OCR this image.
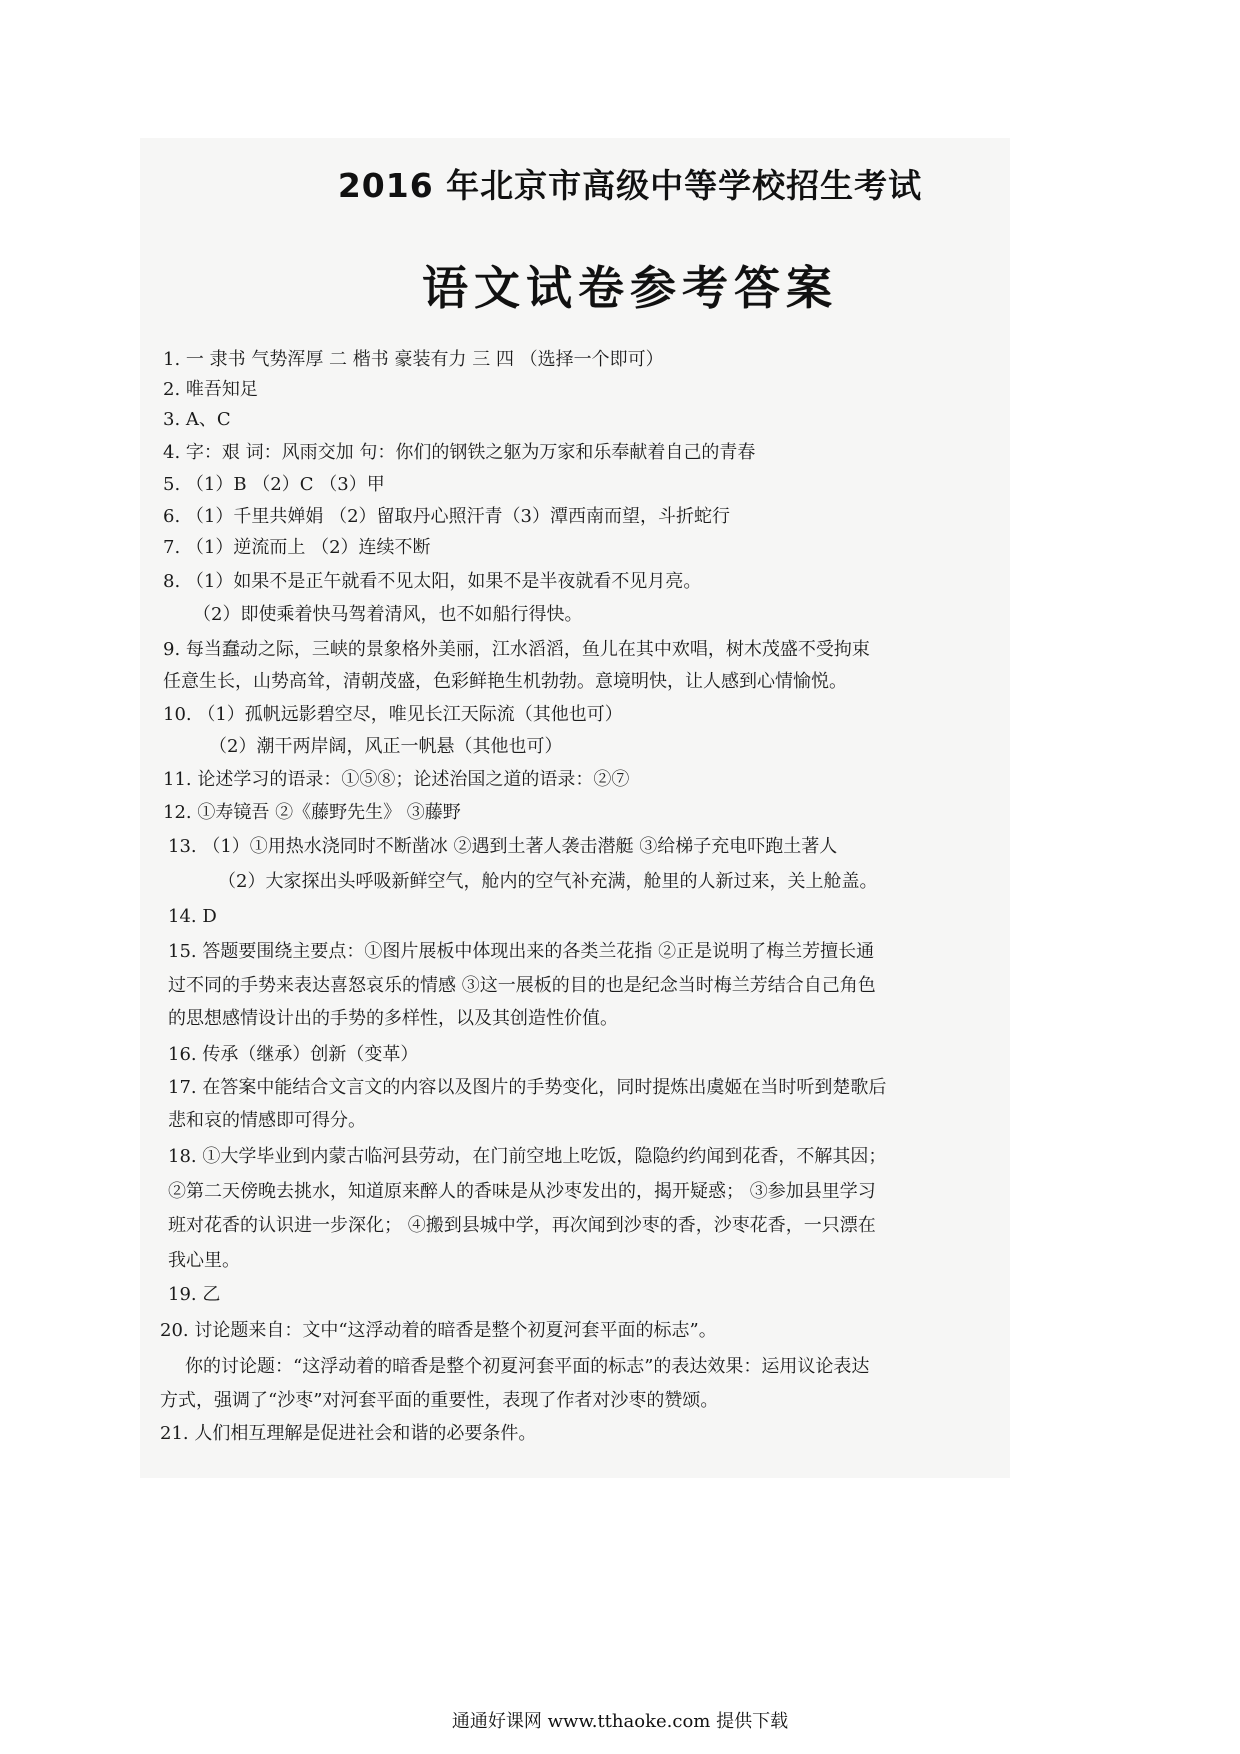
2016 年北京市高级中等学校招生考试
语文试卷参考答案
1. 一 隶书 气势浑厚 二 楷书 豪装有力 三 四 （选择一个即可）
2. 唯吾知足
3. A、C
4. 字：艰 词：风雨交加 句：你们的钢铁之躯为万家和乐奉献着自己的青春
5. （1）B （2）C （3）甲
6. （1）千里共婵娟 （2）留取丹心照汗青（3）潭西南而望，斗折蛇行
7. （1）逆流而上 （2）连续不断
8. （1）如果不是正午就看不见太阳，如果不是半夜就看不见月亮。
（2）即使乘着快马驾着清风，也不如船行得快。
9. 每当蠢动之际，三峡的景象格外美丽，江水滔滔，鱼儿在其中欢唱，树木茂盛不受拘束
任意生长，山势高耸，清朝茂盛，色彩鲜艳生机勃勃。意境明快，让人感到心情愉悦。
10. （1）孤帆远影碧空尽，唯见长江天际流（其他也可）
（2）潮干两岸阔，风正一帆悬（其他也可）
11. 论述学习的语录：①⑤⑧；论述治国之道的语录：②⑦
12. ①寿镜吾 ②《藤野先生》 ③藤野
13. （1）①用热水浇同时不断凿冰 ②遇到土著人袭击潜艇 ③给梯子充电吓跑土著人
（2）大家探出头呼吸新鲜空气，舱内的空气补充满，舱里的人新过来，关上舱盖。
14. D
15. 答题要围绕主要点：①图片展板中体现出来的各类兰花指 ②正是说明了梅兰芳擅长通
过不同的手势来表达喜怒哀乐的情感 ③这一展板的目的也是纪念当时梅兰芳结合自己角色
的思想感情设计出的手势的多样性，以及其创造性价值。
16. 传承（继承）创新（变革）
17. 在答案中能结合文言文的内容以及图片的手势变化，同时提炼出虞姬在当时听到楚歌后
悲和哀的情感即可得分。
18. ①大学毕业到内蒙古临河县劳动，在门前空地上吃饭，隐隐约约闻到花香，不解其因；
②第二天傍晚去挑水，知道原来醉人的香味是从沙枣发出的，揭开疑惑； ③参加县里学习
班对花香的认识进一步深化； ④搬到县城中学，再次闻到沙枣的香，沙枣花香，一只漂在
我心里。
19. 乙
20. 讨论题来自：文中“这浮动着的暗香是整个初夏河套平面的标志”。
你的讨论题：“这浮动着的暗香是整个初夏河套平面的标志”的表达效果：运用议论表达
方式，强调了“沙枣”对河套平面的重要性，表现了作者对沙枣的赞颂。
21. 人们相互理解是促进社会和谐的必要条件。
通通好课网 www.tthaoke.com 提供下载
